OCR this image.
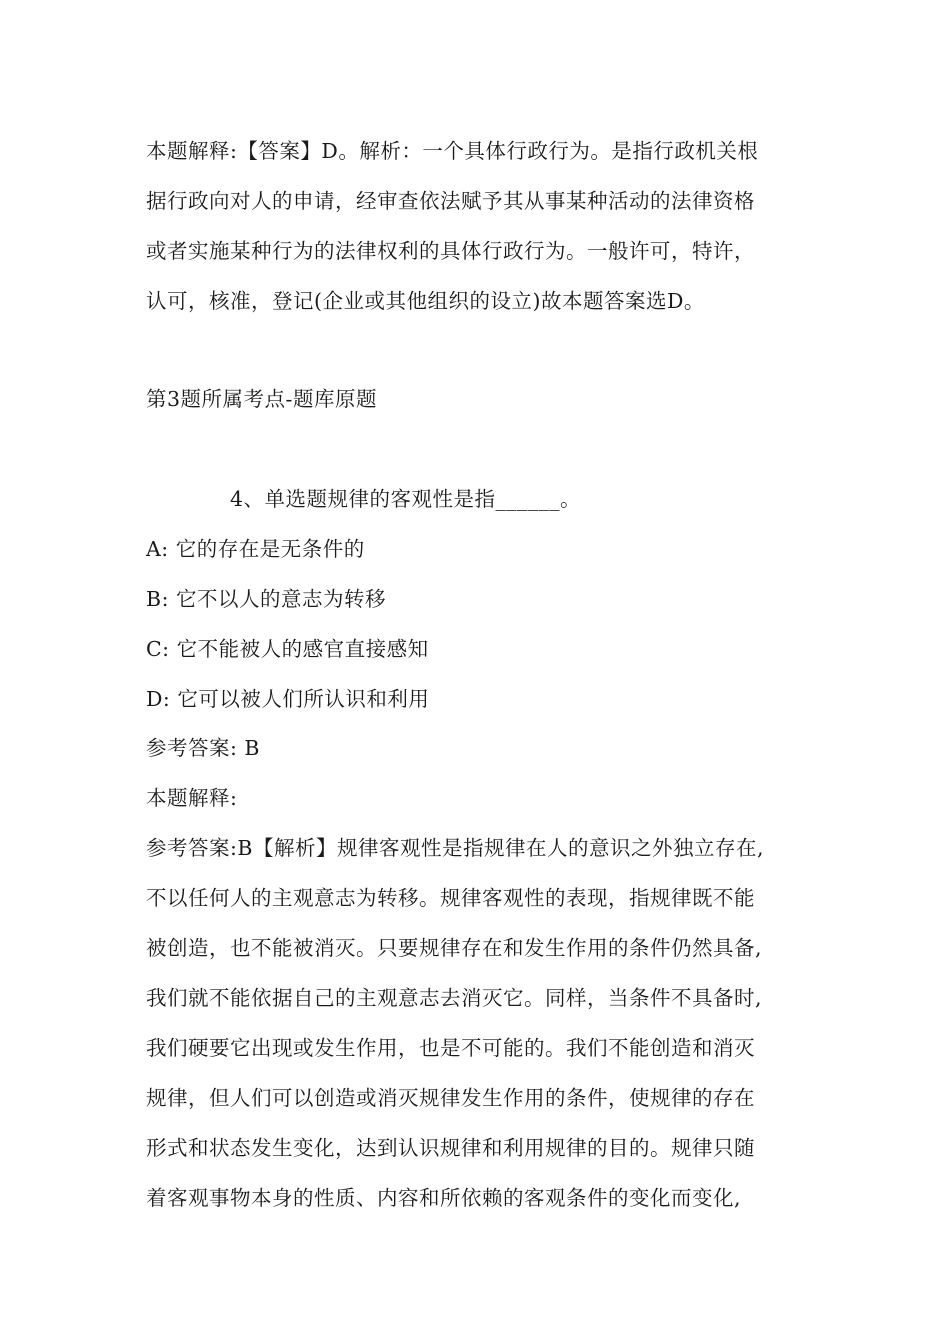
本题解释:【答案】D。解析：一个具体行政行为。是指行政机关根
据行政向对人的申请，经审查依法赋予其从事某种活动的法律资格
或者实施某种行为的法律权利的具体行政行为。一般许可，特许，
认可，核准，登记(企业或其他组织的设立)故本题答案选D。
第3题所属考点-题库原题
4、单选题规律的客观性是指______。
A: 它的存在是无条件的
B: 它不以人的意志为转移
C: 它不能被人的感官直接感知
D: 它可以被人们所认识和利用
参考答案: B
本题解释:
参考答案:B【解析】规律客观性是指规律在人的意识之外独立存在,
不以任何人的主观意志为转移。规律客观性的表现，指规律既不能
被创造，也不能被消灭。只要规律存在和发生作用的条件仍然具备,
我们就不能依据自己的主观意志去消灭它。同样，当条件不具备时,
我们硬要它出现或发生作用，也是不可能的。我们不能创造和消灭
规律，但人们可以创造或消灭规律发生作用的条件，使规律的存在
形式和状态发生变化，达到认识规律和利用规律的目的。规律只随
着客观事物本身的性质、内容和所依赖的客观条件的变化而变化,
